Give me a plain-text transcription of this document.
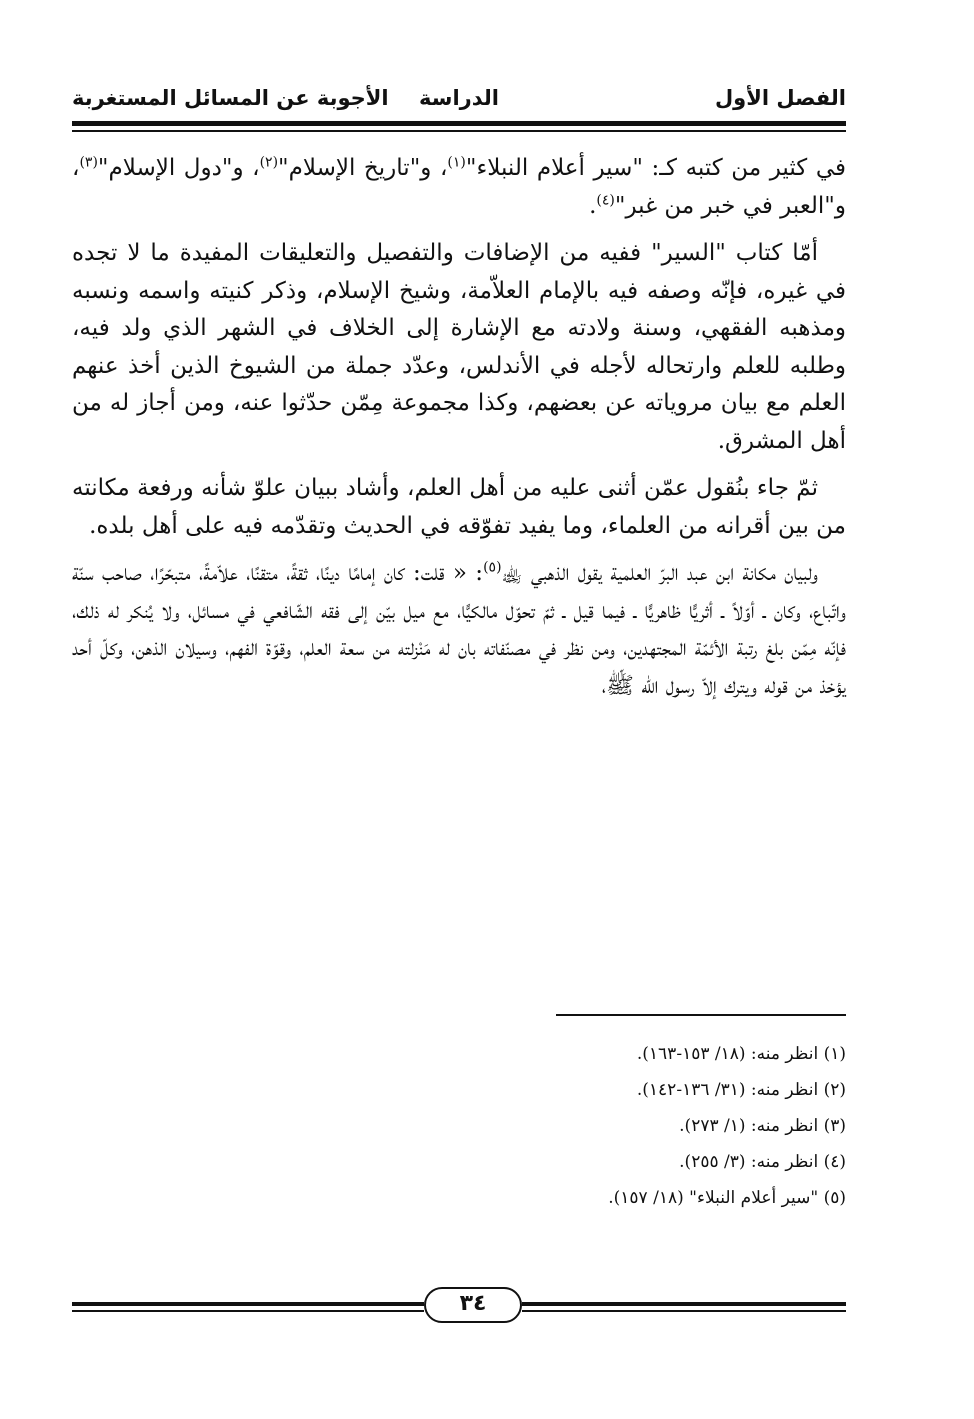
الفصل الأول
الدراسة
الأجوبة عن المسائل المستغربة

في كثير من كتبه كـ: "سير أعلام النبلاء"$^{(١)}$، و"تاريخ الإسلام"$^{(٢)}$، و"دول الإسلام"$^{(٣)}$، و"العبر في خبر من غبر"$^{(٤)}$.

أمّا كتاب "السير" ففيه من الإضافات والتفصيل والتعليقات المفيدة ما لا تجده في غيره، فإنّه وصفه فيه بالإمام العلاّمة، وشيخ الإسلام، وذكر كنيته واسمه ونسبه ومذهبه الفقهي، وسنة ولادته مع الإشارة إلى الخلاف في الشهر الذي ولد فيه، وطلبه للعلم وارتحاله لأجله في الأندلس، وعدّد جملة من الشيوخ الذين أخذ عنهم العلم مع بيان مروياته عن بعضهم، وكذا مجموعة مِمّن حدّثوا عنه، ومن أجاز له من أهل المشرق.

ثمّ جاء بنُقول عمّن أثنى عليه من أهل العلم، وأشاد ببيان علوّ شأنه ورفعة مكانته من بين أقرانه من العلماء، وما يفيد تفوّقه في الحديث وتقدّمه فيه على أهل بلده.

ولبيان مكانة ابن عبد البرّ العلمية يقول الذهبي ﵀$^{(٥)}$: « قلت: كان إمامًا دينًا، ثقةً، متقنًا، علاّمةً، متبحّرًا، صاحب سنّة واتّباع، وكان ـ أوّلاً ـ أثريًّا ظاهريًّا ـ فيما قيل ـ ثمّ تحوّل مالكيًّا، مع ميل بيّن إلى فقه الشّافعي في مسائل، ولا يُنكر له ذلك، فإنّه مِمّن بلغ رتبة الأئمّة المجتهدين، ومن نظر في مصنّفاته بان له مَنْزلته من سعة العلم، وقوّة الفهم، وسيلان الذهن، وكلّ أحد يؤخذ من قوله ويترك إلاّ رسول الله ﷺ،

(١) انظر منه: (١٨/ ١٥٣-١٦٣).
(٢) انظر منه: (٣١/ ١٣٦-١٤٢).
(٣) انظر منه: (١/ ٢٧٣).
(٤) انظر منه: (٣/ ٢٥٥).
(٥) "سير أعلام النبلاء" (١٨/ ١٥٧).
٣٤
